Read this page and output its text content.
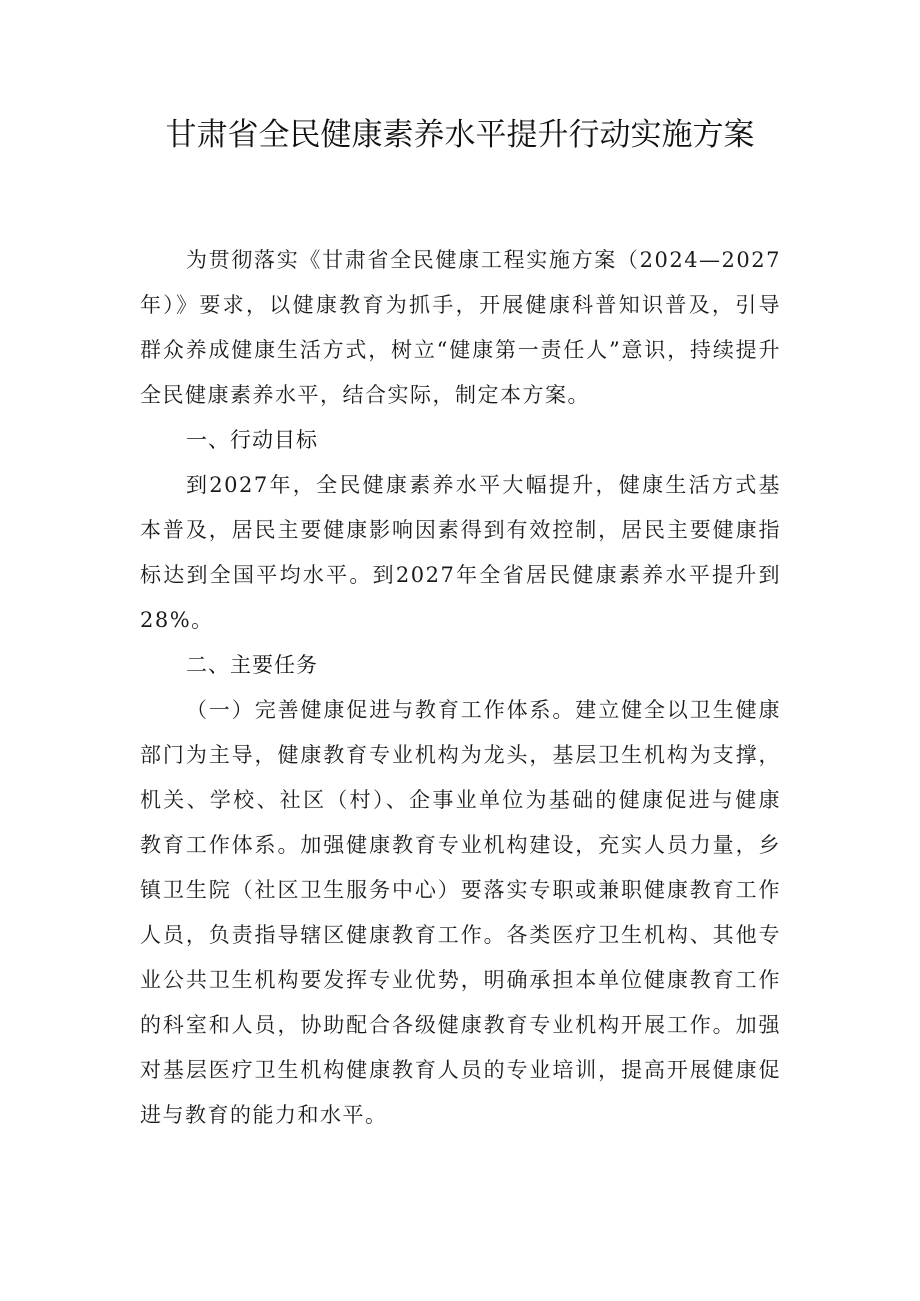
甘肃省全民健康素养水平提升行动实施方案

为贯彻落实《甘肃省全民健康工程实施方案（2024—2027年）》要求，以健康教育为抓手，开展健康科普知识普及，引导群众养成健康生活方式，树立“健康第一责任人”意识，持续提升全民健康素养水平，结合实际，制定本方案。

一、行动目标

到2027年，全民健康素养水平大幅提升，健康生活方式基本普及，居民主要健康影响因素得到有效控制，居民主要健康指标达到全国平均水平。到2027年全省居民健康素养水平提升到28%。

二、主要任务

（一）完善健康促进与教育工作体系。建立健全以卫生健康部门为主导，健康教育专业机构为龙头，基层卫生机构为支撑，机关、学校、社区（村）、企事业单位为基础的健康促进与健康教育工作体系。加强健康教育专业机构建设，充实人员力量，乡镇卫生院（社区卫生服务中心）要落实专职或兼职健康教育工作人员，负责指导辖区健康教育工作。各类医疗卫生机构、其他专业公共卫生机构要发挥专业优势，明确承担本单位健康教育工作的科室和人员，协助配合各级健康教育专业机构开展工作。加强对基层医疗卫生机构健康教育人员的专业培训，提高开展健康促进与教育的能力和水平。
